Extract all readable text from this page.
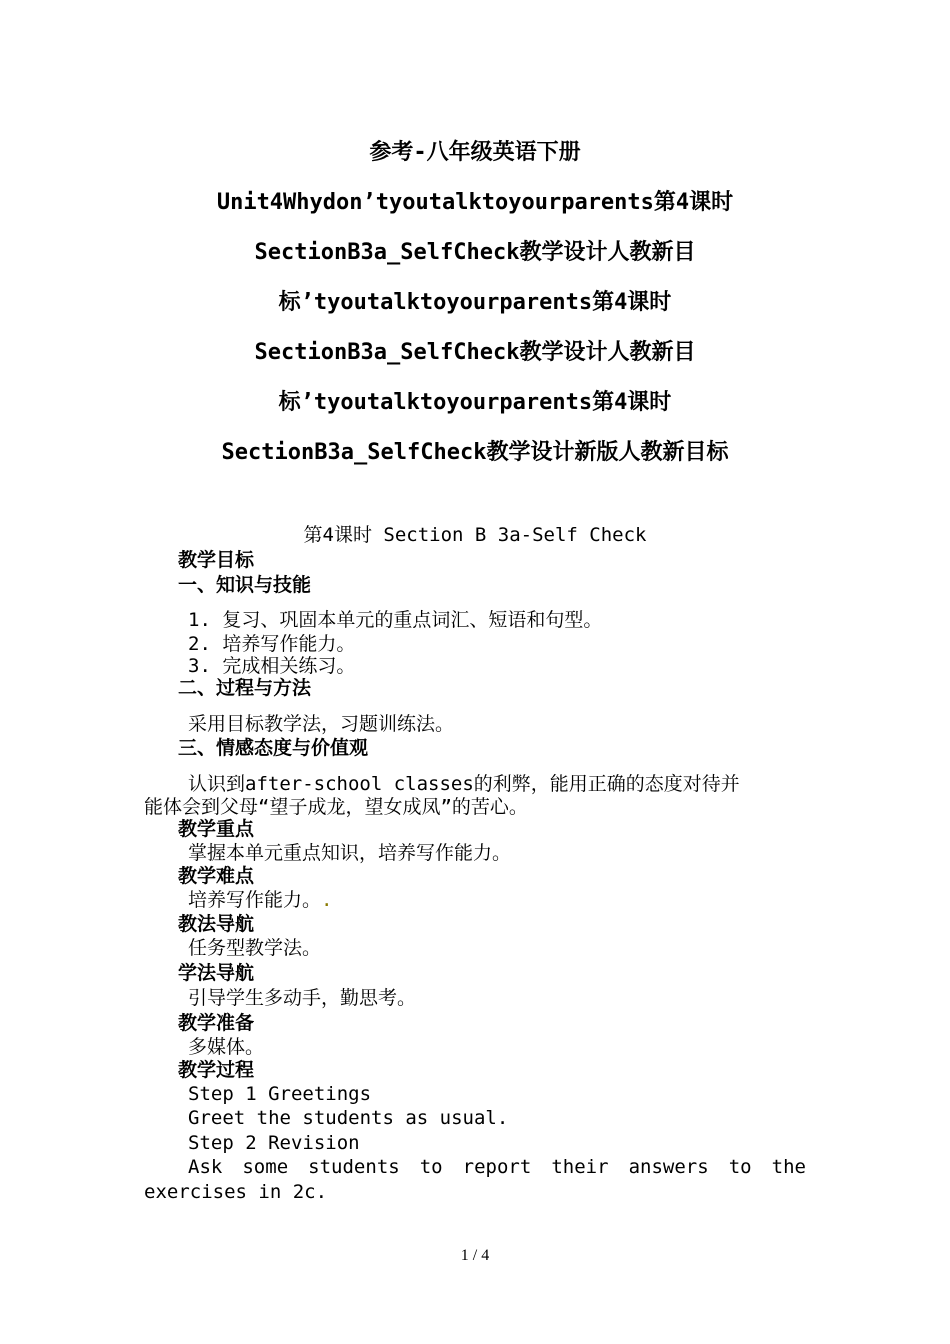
参考-八年级英语下册
Unit4Whydon’tyoutalktoyourparents第4课时
SectionB3a_SelfCheck教学设计人教新目
标’tyoutalktoyourparents第4课时
SectionB3a_SelfCheck教学设计人教新目
标’tyoutalktoyourparents第4课时
SectionB3a_SelfCheck教学设计新版人教新目标
第4课时 Section B 3a-Self Check
教学目标
一、知识与技能
1. 复习、巩固本单元的重点词汇、短语和句型。
2. 培养写作能力。
3. 完成相关练习。
二、过程与方法
采用目标教学法，习题训练法。
三、情感态度与价值观
认识到after-school classes的利弊，能用正确的态度对待并
能体会到父母“望子成龙，望女成凤”的苦心。
教学重点
掌握本单元重点知识，培养写作能力。
教学难点
培养写作能力。.
教法导航
任务型教学法。
学法导航
引导学生多动手，勤思考。
教学准备
多媒体。
教学过程
Step 1 Greetings
Greet the students as usual.
Step 2 Revision
Ask some students to report their answers to the exercises in 2c.
1 / 4
